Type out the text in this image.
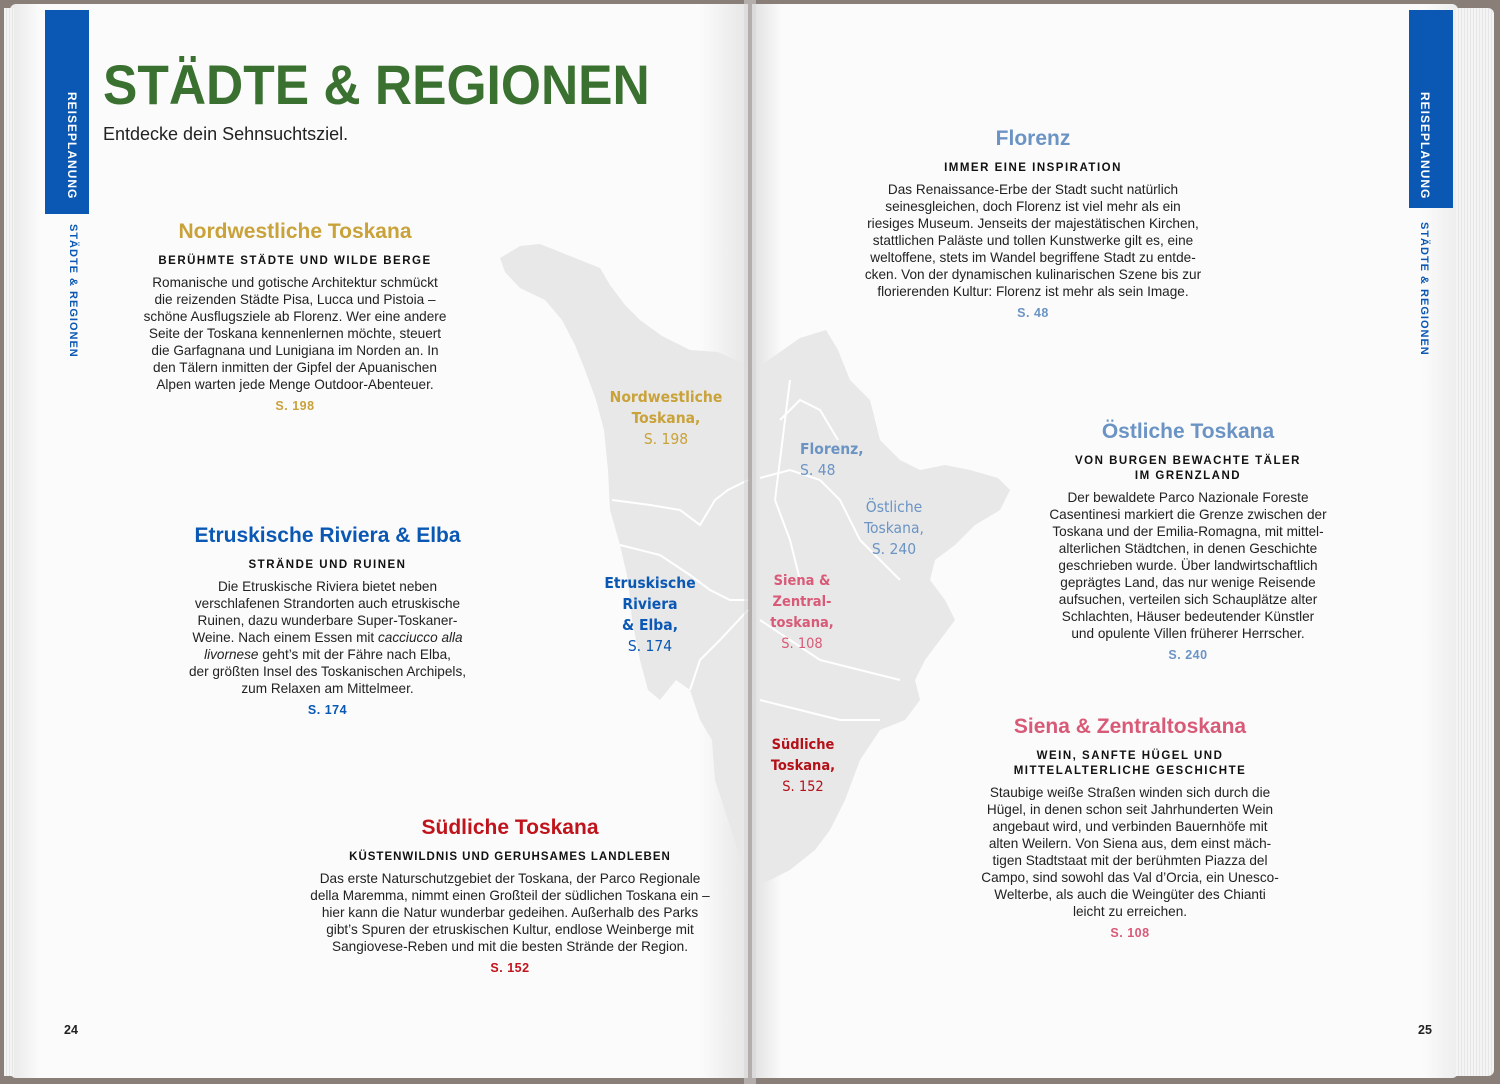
REISEPLANUNG
STÄDTE & REGIONEN
REISEPLANUNG
STÄDTE & REGIONEN
STÄDTE & REGIONEN
Entdecke dein Sehnsuchtsziel.
Nordwestliche Toskana
BERÜHMTE STÄDTE UND WILDE BERGE
Romanische und gotische Architektur schmückt
die reizenden Städte Pisa, Lucca und Pistoia –
schöne Ausflugsziele ab Florenz. Wer eine andere
Seite der Toskana kennenlernen möchte, steuert
die Garfagnana und Lunigiana im Norden an. In
den Tälern inmitten der Gipfel der Apuanischen
Alpen warten jede Menge Outdoor-Abenteuer.
S. 198
Etruskische Riviera & Elba
STRÄNDE UND RUINEN
Die Etruskische Riviera bietet neben
verschlafenen Strandorten auch etruskische
Ruinen, dazu wunderbare Super-Toskaner-
Weine. Nach einem Essen mit cacciucco alla
livornese geht’s mit der Fähre nach Elba,
der größten Insel des Toskanischen Archipels,
zum Relaxen am Mittelmeer.
S. 174
Südliche Toskana
KÜSTENWILDNIS UND GERUHSAMES LANDLEBEN
Das erste Naturschutzgebiet der Toskana, der Parco Regionale
della Maremma, nimmt einen Großteil der südlichen Toskana ein –
hier kann die Natur wunderbar gedeihen. Außerhalb des Parks
gibt’s Spuren der etruskischen Kultur, endlose Weinberge mit
Sangiovese-Reben und mit die besten Strände der Region.
S. 152
Florenz
IMMER EINE INSPIRATION
Das Renaissance-Erbe der Stadt sucht natürlich
seinesgleichen, doch Florenz ist viel mehr als ein
riesiges Museum. Jenseits der majestätischen Kirchen,
stattlichen Paläste und tollen Kunstwerke gilt es, eine
weltoffene, stets im Wandel begriffene Stadt zu entde-
cken. Von der dynamischen kulinarischen Szene bis zur
florierenden Kultur: Florenz ist mehr als sein Image.
S. 48
Östliche Toskana
VON BURGEN BEWACHTE TÄLER
IM GRENZLAND
Der bewaldete Parco Nazionale Foreste
Casentinesi markiert die Grenze zwischen der
Toskana und der Emilia-Romagna, mit mittel-
alterlichen Städtchen, in denen Geschichte
geschrieben wurde. Über landwirtschaftlich
geprägtes Land, das nur wenige Reisende
aufsuchen, verteilen sich Schauplätze alter
Schlachten, Häuser bedeutender Künstler
und opulente Villen früherer Herrscher.
S. 240
Siena & Zentraltoskana
WEIN, SANFTE HÜGEL UND
MITTELALTERLICHE GESCHICHTE
Staubige weiße Straßen winden sich durch die
Hügel, in denen schon seit Jahrhunderten Wein
angebaut wird, und verbinden Bauernhöfe mit
alten Weilern. Von Siena aus, dem einst mäch-
tigen Stadtstaat mit der berühmten Piazza del
Campo, sind sowohl das Val d’Orcia, ein Unesco-
Welterbe, als auch die Weingüter des Chianti
leicht zu erreichen.
S. 108
Nordwestliche
Toskana,
S. 198
Etruskische
Riviera
& Elba,
S. 174
Florenz,
S. 48
Östliche
Toskana,
S. 240
Siena &
Zentral-
toskana,
S. 108
Südliche
Toskana,
S. 152
24	25
